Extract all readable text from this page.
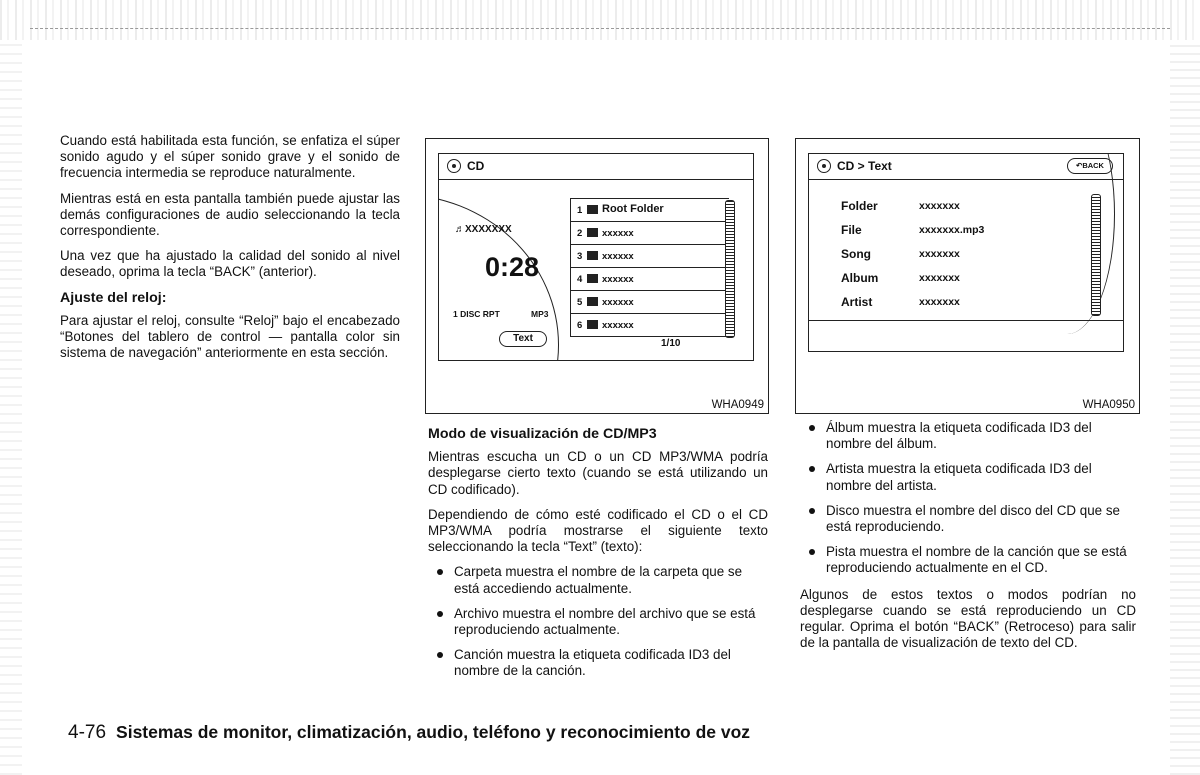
Cuando está habilitada esta función, se enfatiza el súper sonido agudo y el súper sonido grave y el sonido de frecuencia intermedia se reproduce naturalmente.

Mientras está en esta pantalla también puede ajustar las demás configuraciones de audio seleccionando la tecla correspondiente.

Una vez que ha ajustado la calidad del sonido al nivel deseado, oprima la tecla “BACK” (anterior).

Ajuste del reloj:

Para ajustar el reloj, consulte “Reloj” bajo el encabezado “Botones del tablero de control — pantalla color sin sistema de navegación” anteriormente en esta sección.

CD
♬XXXXXXX
0:28
1 DISC RPT	MP3
Text
1 Root Folder
2 xxxxxx
3 xxxxxx
4 xxxxxx
5 xxxxxx
6 xxxxxx
1/10
WHA0949
CD > Text	↶BACK
Folder	xxxxxxx
File	xxxxxxx.mp3
Song	xxxxxxx
Album	xxxxxxx
Artist	xxxxxxx
WHA0950
Modo de visualización de CD/MP3

Mientras escucha un CD o un CD MP3/WMA podría desplegarse cierto texto (cuando se está utilizando un CD codificado).

Dependiendo de cómo esté codificado el CD o el CD MP3/WMA podría mostrarse el siguiente texto seleccionando la tecla “Text” (texto):

Carpeta muestra el nombre de la carpeta que se está accediendo actualmente.
Archivo muestra el nombre del archivo que se está reproduciendo actualmente.
Canción muestra la etiqueta codificada ID3 del nombre de la canción.
Álbum muestra la etiqueta codificada ID3 del nombre del álbum.
Artista muestra la etiqueta codificada ID3 del nombre del artista.
Disco muestra el nombre del disco del CD que se está reproduciendo.
Pista muestra el nombre de la canción que se está reproduciendo actualmente en el CD.

Algunos de estos textos o modos podrían no desplegarse cuando se está reproduciendo un CD regular. Oprima el botón “BACK” (Retroceso) para salir de la pantalla de visualización de texto del CD.

4-76 Sistemas de monitor, climatización, audio, teléfono y reconocimiento de voz
